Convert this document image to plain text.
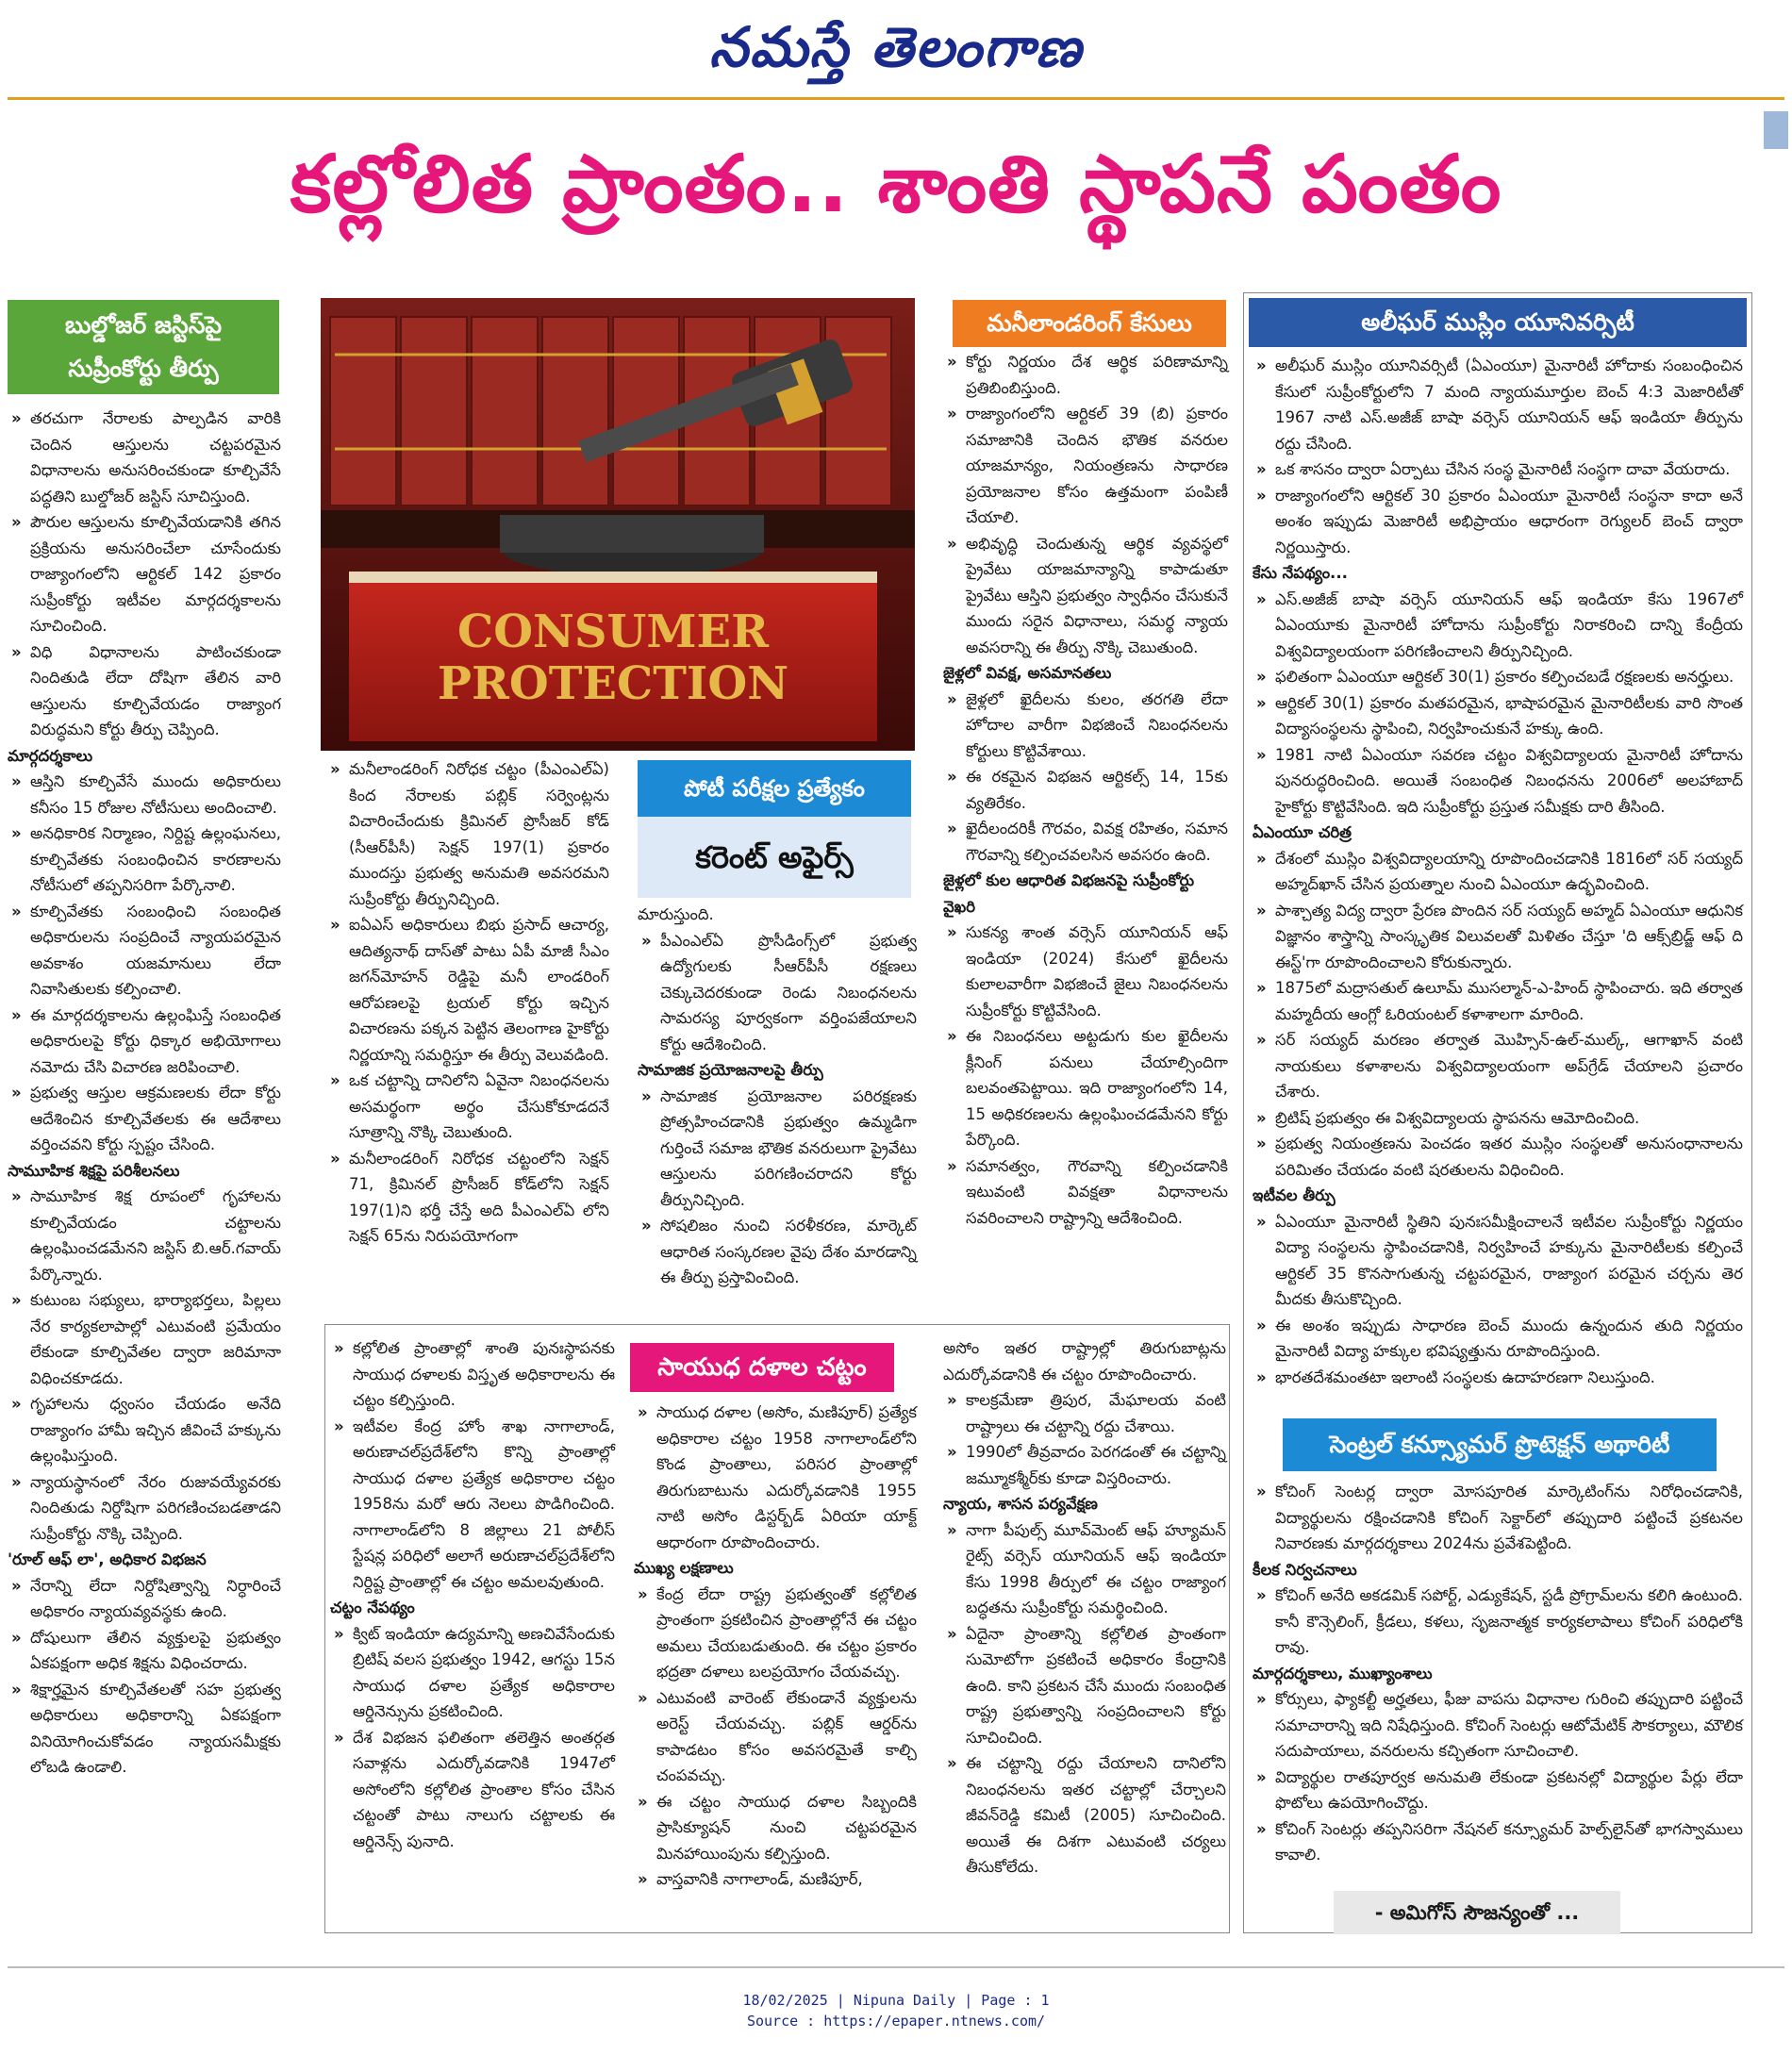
నమస్తే తెలంగాణ
కల్లోలిత ప్రాంతం.. శాంతి స్థాపనే పంతం
బుల్డోజర్ జస్టిస్‌పై
సుప్రీంకోర్టు తీర్పు

» తరచుగా నేరాలకు పాల్పడిన వారికి చెందిన ఆస్తులను చట్టపరమైన విధానాలను అనుసరించకుండా కూల్చివేసే పద్ధతిని బుల్డోజర్ జస్టిస్ సూచిస్తుంది.

» పౌరుల ఆస్తులను కూల్చివేయడానికి తగిన ప్రక్రియను అనుసరించేలా చూసేందుకు రాజ్యాంగంలోని ఆర్టికల్ 142 ప్రకారం సుప్రీంకోర్టు ఇటీవల మార్గదర్శకాలను సూచించింది.

» విధి విధానాలను పాటించకుండా నిందితుడి లేదా దోషిగా తేలిన వారి ఆస్తులను కూల్చివేయడం రాజ్యాంగ విరుద్ధమని కోర్టు తీర్పు చెప్పింది.

మార్గదర్శకాలు

» ఆస్తిని కూల్చివేసే ముందు అధికారులు కనీసం 15 రోజుల నోటీసులు అందించాలి.

» అనధికారిక నిర్మాణం, నిర్దిష్ట ఉల్లంఘనలు, కూల్చివేతకు సంబంధించిన కారణాలను నోటీసులో తప్పనిసరిగా పేర్కొనాలి.

» కూల్చివేతకు సంబంధించి సంబంధిత అధికారులను సంప్రదించే న్యాయపరమైన అవకాశం యజమానులు లేదా నివాసితులకు కల్పించాలి.

» ఈ మార్గదర్శకాలను ఉల్లంఘిస్తే సంబంధిత అధికారులపై కోర్టు ధిక్కార అభియోగాలు నమోదు చేసి విచారణ జరిపించాలి.

» ప్రభుత్వ ఆస్తుల ఆక్రమణలకు లేదా కోర్టు ఆదేశించిన కూల్చివేతలకు ఈ ఆదేశాలు వర్తించవని కోర్టు స్పష్టం చేసింది.

సామూహిక శిక్షపై పరిశీలనలు

» సామూహిక శిక్ష రూపంలో గృహాలను కూల్చివేయడం చట్టాలను ఉల్లంఘించడమేనని జస్టిస్ బి.ఆర్.గవాయ్ పేర్కొన్నారు.

» కుటుంబ సభ్యులు, భార్యాభర్తలు, పిల్లలు నేర కార్యకలాపాల్లో ఎటువంటి ప్రమేయం లేకుండా కూల్చివేతల ద్వారా జరిమానా విధించకూడదు.

» గృహాలను ధ్వంసం చేయడం అనేది రాజ్యాంగం హామీ ఇచ్చిన జీవించే హక్కును ఉల్లంఘిస్తుంది.

» న్యాయస్థానంలో నేరం రుజువయ్యేవరకు నిందితుడు నిర్దోషిగా పరిగణించబడతాడని సుప్రీంకోర్టు నొక్కి చెప్పింది.

'రూల్ ఆఫ్ లా', అధికార విభజన

» నేరాన్ని లేదా నిర్దోషిత్వాన్ని నిర్ధారించే అధికారం న్యాయవ్యవస్థకు ఉంది.

» దోషులుగా తేలిన వ్యక్తులపై ప్రభుత్వం ఏకపక్షంగా అధిక శిక్షను విధించరాదు.

» శిక్షార్హమైన కూల్చివేతలతో సహ ప్రభుత్వ అధికారులు అధికారాన్ని ఏకపక్షంగా వినియోగించుకోవడం న్యాయసమీక్షకు లోబడి ఉండాలి.

CONSUMER
PROTECTION

» మనీలాండరింగ్ నిరోధక చట్టం (పీఎంఎల్‌ఏ) కింద నేరాలకు పబ్లిక్ సర్వెంట్లను విచారించేందుకు క్రిమినల్ ప్రొసీజర్ కోడ్ (సీఆర్‌పీసీ) సెక్షన్ 197(1) ప్రకారం ముందస్తు ప్రభుత్వ అనుమతి అవసరమని సుప్రీంకోర్టు తీర్పునిచ్చింది.

» ఐఏఎస్ అధికారులు బిభు ప్రసాద్ ఆచార్య, ఆదిత్యనాథ్ దాస్‌తో పాటు ఏపీ మాజీ సీఎం జగన్‌మోహన్ రెడ్డిపై మనీ లాండరింగ్ ఆరోపణలపై ట్రయల్ కోర్టు ఇచ్చిన విచారణను పక్కన పెట్టిన తెలంగాణ హైకోర్టు నిర్ణయాన్ని సమర్థిస్తూ ఈ తీర్పు వెలువడింది.

» ఒక చట్టాన్ని దానిలోని ఏవైనా నిబంధనలను అసమర్థంగా అర్థం చేసుకోకూడదనే సూత్రాన్ని నొక్కి చెబుతుంది.

» మనీలాండరింగ్ నిరోధక చట్టంలోని సెక్షన్ 71, క్రిమినల్ ప్రొసీజర్ కోడ్‌లోని సెక్షన్ 197(1)ని భర్తీ చేస్తే అది పీఎంఎల్‌ఏ లోని సెక్షన్ 65ను నిరుపయోగంగా

పోటీ పరీక్షల ప్రత్యేకం
కరెంట్ అఫైర్స్

మారుస్తుంది.

» పీఎంఎల్‌ఏ ప్రొసీడింగ్స్‌లో ప్రభుత్వ ఉద్యోగులకు సీఆర్‌పీసీ రక్షణలు చెక్కుచెదరకుండా రెండు నిబంధనలను సామరస్య పూర్వకంగా వర్తింపజేయాలని కోర్టు ఆదేశించింది.

సామాజిక ప్రయోజనాలపై తీర్పు

» సామాజిక ప్రయోజనాల పరిరక్షణకు ప్రోత్సహించడానికి ప్రభుత్వం ఉమ్మడిగా గుర్తించే సమాజ భౌతిక వనరులుగా ప్రైవేటు ఆస్తులను పరిగణించరాదని కోర్టు తీర్పునిచ్చింది.

» సోషలిజం నుంచి సరళీకరణ, మార్కెట్ ఆధారిత సంస్కరణల వైపు దేశం మారడాన్ని ఈ తీర్పు ప్రస్తావించింది.

మనీలాండరింగ్ కేసులు

» కోర్టు నిర్ణయం దేశ ఆర్థిక పరిణామాన్ని ప్రతిబింబిస్తుంది.

» రాజ్యాంగంలోని ఆర్టికల్ 39 (బి) ప్రకారం సమాజానికి చెందిన భౌతిక వనరుల యాజమాన్యం, నియంత్రణను సాధారణ ప్రయోజనాల కోసం ఉత్తమంగా పంపిణీ చేయాలి.

» అభివృద్ధి చెందుతున్న ఆర్థిక వ్యవస్థలో ప్రైవేటు యాజమాన్యాన్ని కాపాడుతూ ప్రైవేటు ఆస్తిని ప్రభుత్వం స్వాధీనం చేసుకునే ముందు సరైన విధానాలు, సమర్థ న్యాయ అవసరాన్ని ఈ తీర్పు నొక్కి చెబుతుంది.

జైళ్లలో వివక్ష, అసమానతలు

» జైళ్లలో ఖైదీలను కులం, తరగతి లేదా హోదాల వారీగా విభజించే నిబంధనలను కోర్టులు కొట్టివేశాయి.

» ఈ రకమైన విభజన ఆర్టికల్స్ 14, 15కు వ్యతిరేకం.

» ఖైదీలందరికీ గౌరవం, వివక్ష రహితం, సమాన గౌరవాన్ని కల్పించవలసిన అవసరం ఉంది.

జైళ్లలో కుల ఆధారిత విభజనపై సుప్రీంకోర్టు వైఖరి

» సుకన్య శాంత వర్సెస్ యూనియన్ ఆఫ్ ఇండియా (2024) కేసులో ఖైదీలను కులాలవారీగా విభజించే జైలు నిబంధనలను సుప్రీంకోర్టు కొట్టివేసింది.

» ఈ నిబంధనలు అట్టడుగు కుల ఖైదీలను క్లీనింగ్ పనులు చేయాల్సిందిగా బలవంతపెట్టాయి. ఇది రాజ్యాంగంలోని 14, 15 అధికరణలను ఉల్లంఘించడమేనని కోర్టు పేర్కొంది.

» సమానత్వం, గౌరవాన్ని కల్పించడానికి ఇటువంటి వివక్షతా విధానాలను సవరించాలని రాష్ట్రాన్ని ఆదేశించింది.

అలీఘర్ ముస్లిం యూనివర్సిటీ

» అలీఘర్ ముస్లిం యూనివర్సిటీ (ఏఎంయూ) మైనారిటీ హోదాకు సంబంధించిన కేసులో సుప్రీంకోర్టులోని 7 మంది న్యాయమూర్తుల బెంచ్ 4:3 మెజారిటీతో 1967 నాటి ఎస్.అజీజ్ బాషా వర్సెస్ యూనియన్ ఆఫ్ ఇండియా తీర్పును రద్దు చేసింది.

» ఒక శాసనం ద్వారా ఏర్పాటు చేసిన సంస్థ మైనారిటీ సంస్థగా దావా వేయరాదు.

» రాజ్యాంగంలోని ఆర్టికల్ 30 ప్రకారం ఏఎంయూ మైనారిటీ సంస్థనా కాదా అనే అంశం ఇప్పుడు మెజారిటీ అభిప్రాయం ఆధారంగా రెగ్యులర్ బెంచ్ ద్వారా నిర్ణయిస్తారు.

కేసు నేపథ్యం...

» ఎస్.అజీజ్ బాషా వర్సెస్ యూనియన్ ఆఫ్ ఇండియా కేసు 1967లో ఏఎంయూకు మైనారిటీ హోదాను సుప్రీంకోర్టు నిరాకరించి దాన్ని కేంద్రీయ విశ్వవిద్యాలయంగా పరిగణించాలని తీర్పునిచ్చింది.

» ఫలితంగా ఏఎంయూ ఆర్టికల్ 30(1) ప్రకారం కల్పించబడే రక్షణలకు అనర్హులు.

» ఆర్టికల్ 30(1) ప్రకారం మతపరమైన, భాషాపరమైన మైనారిటీలకు వారి సొంత విద్యాసంస్థలను స్థాపించి, నిర్వహించుకునే హక్కు ఉంది.

» 1981 నాటి ఏఎంయూ సవరణ చట్టం విశ్వవిద్యాలయ మైనారిటీ హోదాను పునరుద్ధరించింది. అయితే సంబంధిత నిబంధనను 2006లో అలహాబాద్ హైకోర్టు కొట్టివేసింది. ఇది సుప్రీంకోర్టు ప్రస్తుత సమీక్షకు దారి తీసింది.

ఏఎంయూ చరిత్ర

» దేశంలో ముస్లిం విశ్వవిద్యాలయాన్ని రూపొందించడానికి 1816లో సర్ సయ్యద్ అహ్మద్‌ఖాన్ చేసిన ప్రయత్నాల నుంచి ఏఎంయూ ఉద్భవించింది.

» పాశ్చాత్య విద్య ద్వారా ప్రేరణ పొందిన సర్ సయ్యద్ అహ్మద్ ఏఎంయూ ఆధునిక విజ్ఞానం శాస్త్రాన్ని సాంస్కృతిక విలువలతో మిళితం చేస్తూ 'ది ఆక్స్‌బ్రిడ్జ్ ఆఫ్ ది ఈస్ట్'గా రూపొందించాలని కోరుకున్నారు.

» 1875లో మద్రాసతుల్ ఉలూమ్ ముసల్మాన్-ఎ-హింద్ స్థాపించారు. ఇది తర్వాత మహ్మదీయ ఆంగ్లో ఓరియంటల్ కళాశాలగా మారింది.

» సర్ సయ్యద్ మరణం తర్వాత మొహ్సిన్-ఉల్-ముల్క్, ఆగాఖాన్ వంటి నాయకులు కళాశాలను విశ్వవిద్యాలయంగా అప్‌గ్రేడ్ చేయాలని ప్రచారం చేశారు.

» బ్రిటిష్ ప్రభుత్వం ఈ విశ్వవిద్యాలయ స్థాపనను ఆమోదించింది.

» ప్రభుత్వ నియంత్రణను పెంచడం ఇతర ముస్లిం సంస్థలతో అనుసంధానాలను పరిమితం చేయడం వంటి షరతులను విధించింది.

ఇటీవల తీర్పు

» ఏఎంయూ మైనారిటీ స్థితిని పునఃసమీక్షించాలనే ఇటీవల సుప్రీంకోర్టు నిర్ణయం విద్యా సంస్థలను స్థాపించడానికి, నిర్వహించే హక్కును మైనారిటీలకు కల్పించే ఆర్టికల్ 35 కొనసాగుతున్న చట్టపరమైన, రాజ్యాంగ పరమైన చర్చను తెర మీదకు తీసుకొచ్చింది.

» ఈ అంశం ఇప్పుడు సాధారణ బెంచ్ ముందు ఉన్నందున తుది నిర్ణయం మైనారిటీ విద్యా హక్కుల భవిష్యత్తును రూపొందిస్తుంది.

» భారతదేశమంతటా ఇలాంటి సంస్థలకు ఉదాహరణగా నిలుస్తుంది.

సెంట్రల్ కన్స్యూమర్ ప్రొటెక్షన్ అథారిటీ

» కోచింగ్ సెంటర్ల ద్వారా మోసపూరిత మార్కెటింగ్‌ను నిరోధించడానికి, విద్యార్థులను రక్షించడానికి కోచింగ్ సెక్టార్‌లో తప్పుదారి పట్టించే ప్రకటనల నివారణకు మార్గదర్శకాలు 2024ను ప్రవేశపెట్టింది.

కీలక నిర్వచనాలు

» కోచింగ్ అనేది అకడమిక్ సపోర్ట్, ఎడ్యుకేషన్, స్టడీ ప్రోగ్రామ్‌లను కలిగి ఉంటుంది. కానీ కౌన్సెలింగ్, క్రీడలు, కళలు, సృజనాత్మక కార్యకలాపాలు కోచింగ్ పరిధిలోకి రావు.

మార్గదర్శకాలు, ముఖ్యాంశాలు

» కోర్సులు, ఫ్యాకల్టీ అర్హతలు, ఫీజు వాపసు విధానాల గురించి తప్పుదారి పట్టించే సమాచారాన్ని ఇది నిషేధిస్తుంది. కోచింగ్ సెంటర్లు ఆటోమేటిక్ సౌకర్యాలు, మౌలిక సదుపాయాలు, వనరులను కచ్చితంగా సూచించాలి.

» విద్యార్థుల రాతపూర్వక అనుమతి లేకుండా ప్రకటనల్లో విద్యార్థుల పేర్లు లేదా ఫొటోలు ఉపయోగించొద్దు.

» కోచింగ్ సెంటర్లు తప్పనిసరిగా నేషనల్ కన్స్యూమర్ హెల్ప్‌లైన్‌తో భాగస్వాములు కావాలి.

- అమిగోస్ సౌజన్యంతో ...
సాయుధ దళాల చట్టం

» కల్లోలిత ప్రాంతాల్లో శాంతి పునఃస్థాపనకు సాయుధ దళాలకు విస్తృత అధికారాలను ఈ చట్టం కల్పిస్తుంది.

» ఇటీవల కేంద్ర హోం శాఖ నాగాలాండ్, అరుణాచల్‌ప్రదేశ్‌లోని కొన్ని ప్రాంతాల్లో సాయుధ దళాల ప్రత్యేక అధికారాల చట్టం 1958ను మరో ఆరు నెలలు పొడిగించింది. నాగాలాండ్‌లోని 8 జిల్లాలు 21 పోలీస్ స్టేషన్ల పరిధిలో అలాగే అరుణాచల్‌ప్రదేశ్‌లోని నిర్దిష్ట ప్రాంతాల్లో ఈ చట్టం అమలవుతుంది.

చట్టం నేపథ్యం

» క్విట్ ఇండియా ఉద్యమాన్ని అణచివేసేందుకు బ్రిటిష్ వలస ప్రభుత్వం 1942, ఆగస్టు 15న సాయుధ దళాల ప్రత్యేక అధికారాల ఆర్డినెన్సును ప్రకటించింది.

» దేశ విభజన ఫలితంగా తలెత్తిన అంతర్గత సవాళ్లను ఎదుర్కోవడానికి 1947లో అసోంలోని కల్లోలిత ప్రాంతాల కోసం చేసిన చట్టంతో పాటు నాలుగు చట్టాలకు ఈ ఆర్డినెన్స్ పునాది.

» సాయుధ దళాల (అసోం, మణిపూర్) ప్రత్యేక అధికారాల చట్టం 1958 నాగాలాండ్‌లోని కొండ ప్రాంతాలు, పరిసర ప్రాంతాల్లో తిరుగుబాటును ఎదుర్కోవడానికి 1955 నాటి అసోం డిస్టర్బ్‌డ్ ఏరియా యాక్ట్ ఆధారంగా రూపొందించారు.

ముఖ్య లక్షణాలు

» కేంద్ర లేదా రాష్ట్ర ప్రభుత్వంతో కల్లోలిత ప్రాంతంగా ప్రకటించిన ప్రాంతాల్లోనే ఈ చట్టం అమలు చేయబడుతుంది. ఈ చట్టం ప్రకారం భద్రతా దళాలు బలప్రయోగం చేయవచ్చు.

» ఎటువంటి వారెంట్ లేకుండానే వ్యక్తులను అరెస్ట్ చేయవచ్చు. పబ్లిక్ ఆర్డర్‌ను కాపాడటం కోసం అవసరమైతే కాల్చి చంపవచ్చు.

» ఈ చట్టం సాయుధ దళాల సిబ్బందికి ప్రాసిక్యూషన్ నుంచి చట్టపరమైన మినహాయింపును కల్పిస్తుంది.

» వాస్తవానికి నాగాలాండ్, మణిపూర్,

అసోం ఇతర రాష్ట్రాల్లో తిరుగుబాట్లను ఎదుర్కోవడానికి ఈ చట్టం రూపొందించారు.

» కాలక్రమేణా త్రిపుర, మేఘాలయ వంటి రాష్ట్రాలు ఈ చట్టాన్ని రద్దు చేశాయి.

» 1990లో తీవ్రవాదం పెరగడంతో ఈ చట్టాన్ని జమ్మూకశ్మీర్‌కు కూడా విస్తరించారు.

న్యాయ, శాసన పర్యవేక్షణ

» నాగా పీపుల్స్ మూవ్‌మెంట్ ఆఫ్ హ్యూమన్ రైట్స్ వర్సెస్ యూనియన్ ఆఫ్ ఇండియా కేసు 1998 తీర్పులో ఈ చట్టం రాజ్యాంగ బద్ధతను సుప్రీంకోర్టు సమర్థించింది.

» ఏదైనా ప్రాంతాన్ని కల్లోలిత ప్రాంతంగా సుమోటోగా ప్రకటించే అధికారం కేంద్రానికి ఉంది. కాని ప్రకటన చేసే ముందు సంబంధిత రాష్ట్ర ప్రభుత్వాన్ని సంప్రదించాలని కోర్టు సూచించింది.

» ఈ చట్టాన్ని రద్దు చేయాలని దానిలోని నిబంధనలను ఇతర చట్టాల్లో చేర్చాలని జీవన్‌రెడ్డి కమిటీ (2005) సూచించింది. అయితే ఈ దిశగా ఎటువంటి చర్యలు తీసుకోలేదు.

18/02/2025 | Nipuna Daily | Page : 1
Source : https://epaper.ntnews.com/
